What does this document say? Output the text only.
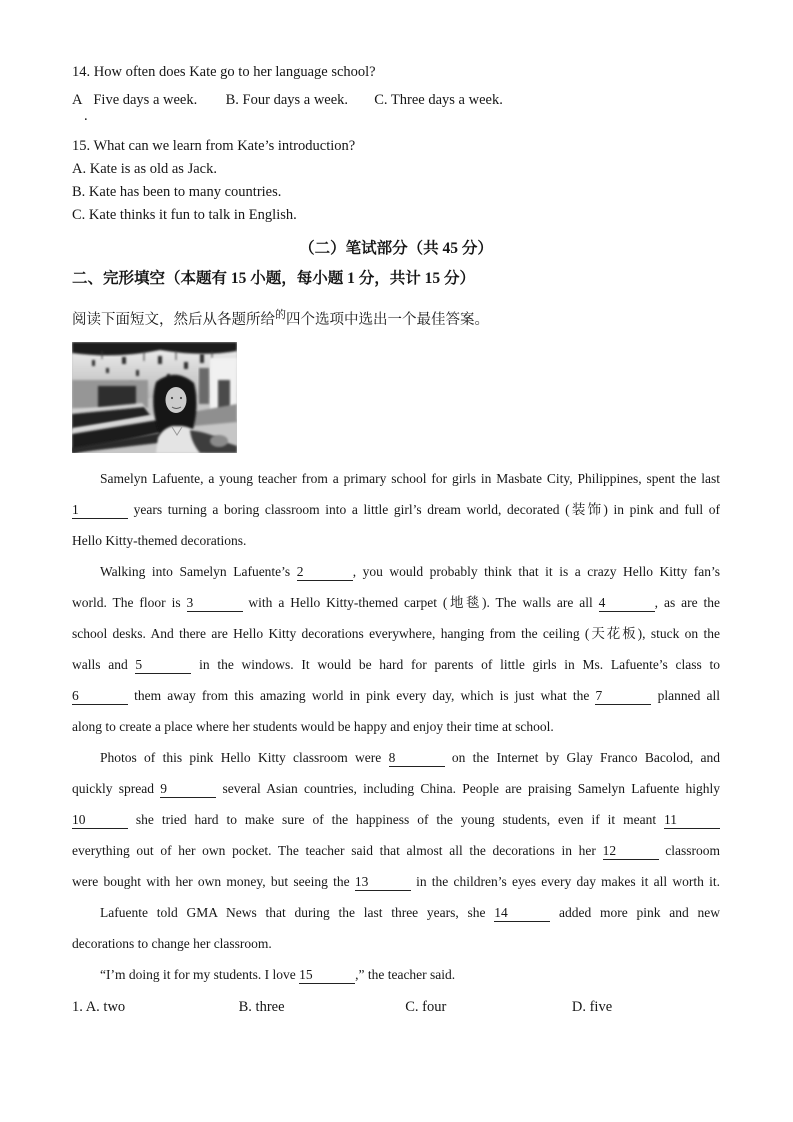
14. How often does Kate go to her language school?
A   Five days a week. B. Four days a week. C. Three days a week.
.
15. What can we learn from Kate’s introduction?
A. Kate is as old as Jack.
B. Kate has been to many countries.
C. Kate thinks it fun to talk in English.
（二）笔试部分（共 45 分）
二、完形填空（本题有 15 小题，每小题 1 分，共计 15 分）
阅读下面短文，然后从各题所给$^的$四个选项中选出一个最佳答案。
Samelyn Lafuente, a young teacher from a primary school for girls in Masbate City, Philippines, spent the last
1	years turning a boring classroom into a little girl’s dream world, decorated (装饰) in pink and full of
Hello Kitty-themed decorations.
Walking into Samelyn Lafuente’s 2	, you would probably think that it is a crazy Hello Kitty fan’s
world. The floor is 3	with a Hello Kitty-themed carpet (地毯). The walls are all 4	, as are the
school desks. And there are Hello Kitty decorations everywhere, hanging from the ceiling (天花板), stuck on the
walls and 5	in the windows. It would be hard for parents of little girls in Ms. Lafuente’s class to
6	them away from this amazing world in pink every day, which is just what the 7	planned all
along to create a place where her students would be happy and enjoy their time at school.
Photos of this pink Hello Kitty classroom were 8	on the Internet by Glay Franco Bacolod, and
quickly spread 9	several Asian countries, including China. People are praising Samelyn Lafuente highly
10	she tried hard to make sure of the happiness of the young students, even if it meant 11
everything out of her own pocket. The teacher said that almost all the decorations in her 12	classroom
were bought with her own money, but seeing the 13	in the children’s eyes every day makes it all worth it.
Lafuente told GMA News that during the last three years, she 14	added more pink and new
decorations to change her classroom.
“I’m doing it for my students. I love 15	,” the teacher said.
1. A. two	B. three	C. four	D. five
